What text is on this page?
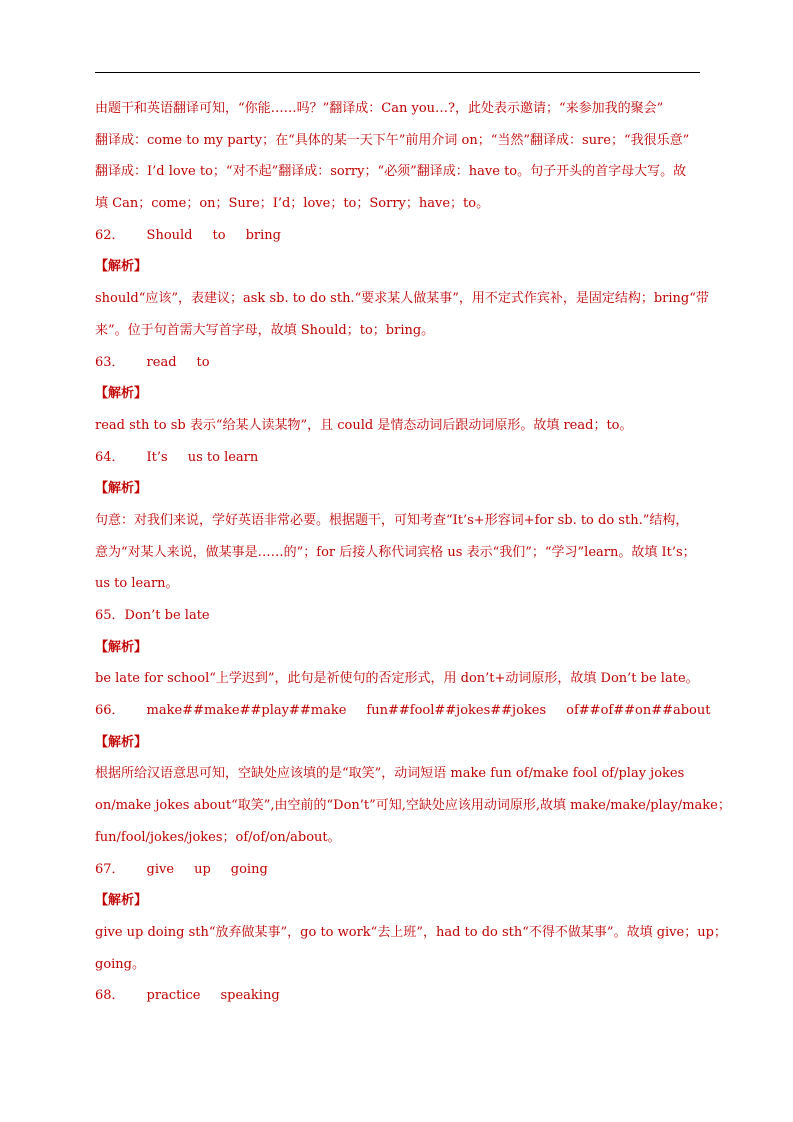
由题干和英语翻译可知，“你能……吗？”翻译成：Can you…?，此处表示邀请；“来参加我的聚会”
翻译成：come to my party；在“具体的某一天下午”前用介词 on；“当然”翻译成：sure；“我很乐意”
翻译成：I’d love to；“对不起”翻译成：sorry；“必须”翻译成：have to。句子开头的首字母大写。故
填 Can；come；on；Sure；I’d；love；to；Sorry；have；to。
62． Should to bring
【解析】
should“应该”，表建议；ask sb. to do sth.“要求某人做某事”，用不定式作宾补，是固定结构；bring“带
来”。位于句首需大写首字母，故填 Should；to；bring。
63． read to
【解析】
read sth to sb 表示“给某人读某物”，且 could 是情态动词后跟动词原形。故填 read；to。
64． It’s us to learn
【解析】
句意：对我们来说，学好英语非常必要。根据题干，可知考查“It’s+形容词+for sb. to do sth.”结构，
意为“对某人来说，做某事是……的”；for 后接人称代词宾格 us 表示“我们”；“学习”learn。故填 It’s；
us to learn。
65．Don’t be late
【解析】
be late for school“上学迟到”，此句是祈使句的否定形式，用 don’t+动词原形，故填 Don’t be late。
66． make##make##play##make fun##fool##jokes##jokes of##of##on##about
【解析】
根据所给汉语意思可知，空缺处应该填的是“取笑”，动词短语 make fun of/make fool of/play jokes
on/make jokes about“取笑”,由空前的“Don’t”可知,空缺处应该用动词原形,故填 make/make/play/make；
fun/fool/jokes/jokes；of/of/on/about。
67． give up going
【解析】
give up doing sth“放弃做某事”，go to work“去上班”，had to do sth“不得不做某事”。故填 give；up；
going。
68． practice speaking
